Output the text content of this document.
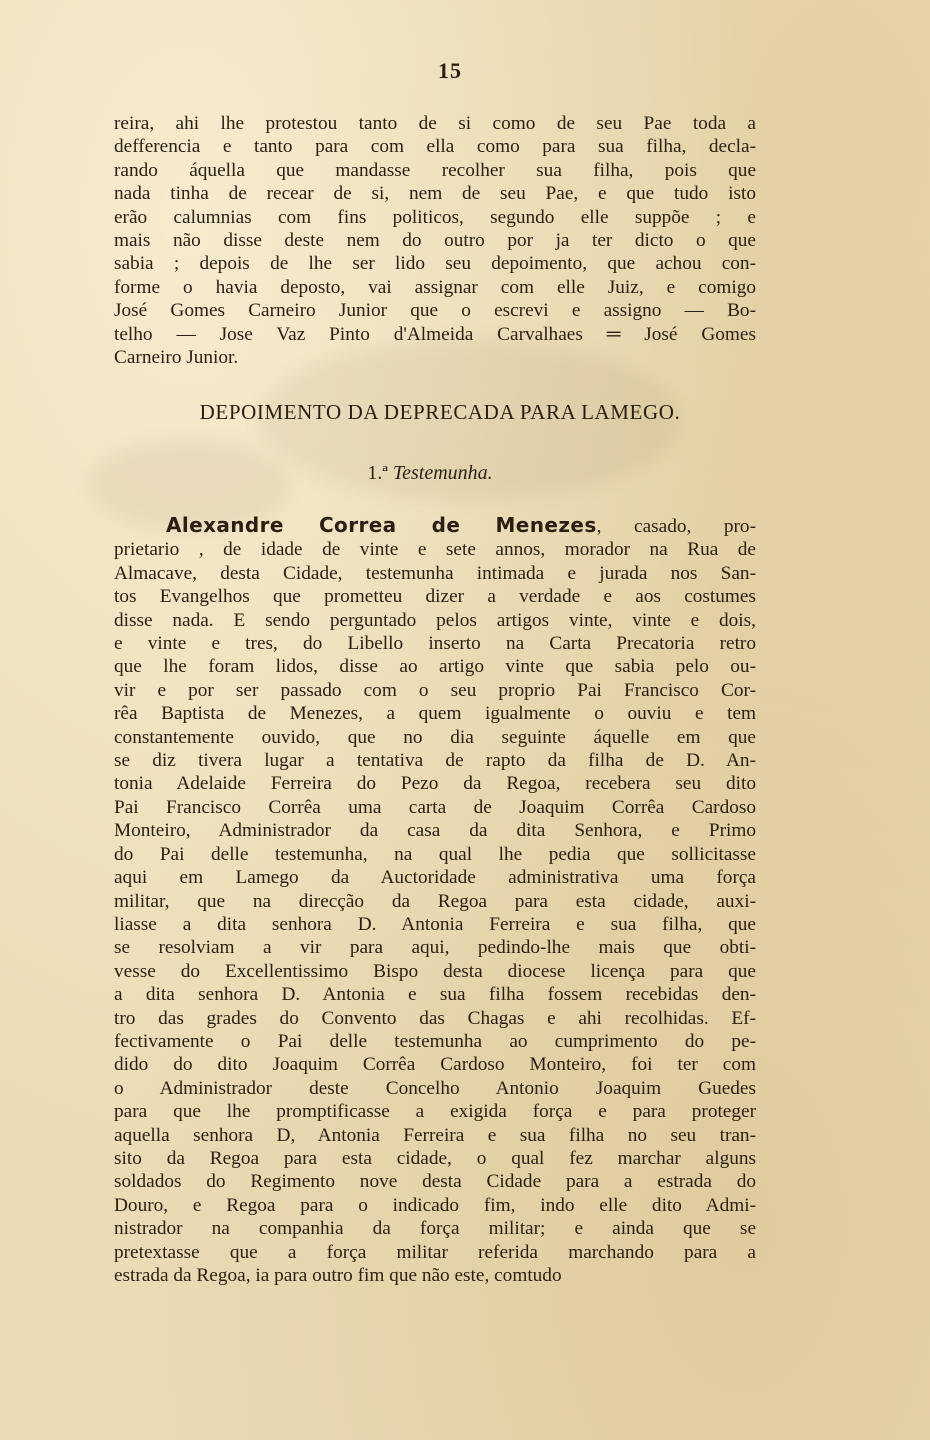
15
reira, ahi lhe protestou tanto de si como de seu Pae toda a
defferencia e tanto para com ella como para sua filha, decla-
rando áquella que mandasse recolher sua filha, pois que
nada tinha de recear de si, nem de seu Pae, e que tudo isto
erão calumnias com fins politicos, segundo elle suppõe ; e
mais não disse deste nem do outro por ja ter dicto o que
sabia ; depois de lhe ser lido seu depoimento, que achou con-
forme o havia deposto, vai assignar com elle Juiz, e comigo
José Gomes Carneiro Junior que o escrevi e assigno — Bo-
telho — Jose Vaz Pinto d'Almeida Carvalhaes ═ José Gomes
Carneiro Junior.
DEPOIMENTO DA DEPRECADA PARA LAMEGO.
1.ª Testemunha.
Alexandre Correa de Menezes, casado, pro-
prietario , de idade de vinte e sete annos, morador na Rua de
Almacave, desta Cidade, testemunha intimada e jurada nos San-
tos Evangelhos que prometteu dizer a verdade e aos costumes
disse nada. E sendo perguntado pelos artigos vinte, vinte e dois,
e vinte e tres, do Libello inserto na Carta Precatoria retro
que lhe foram lidos, disse ao artigo vinte que sabia pelo ou-
vir e por ser passado com o seu proprio Pai Francisco Cor-
rêa Baptista de Menezes, a quem igualmente o ouviu e tem
constantemente ouvido, que no dia seguinte áquelle em que
se diz tivera lugar a tentativa de rapto da filha de D. An-
tonia Adelaide Ferreira do Pezo da Regoa, recebera seu dito
Pai Francisco Corrêa uma carta de Joaquim Corrêa Cardoso
Monteiro, Administrador da casa da dita Senhora, e Primo
do Pai delle testemunha, na qual lhe pedia que sollicitasse
aqui em Lamego da Auctoridade administrativa uma força
militar, que na direcção da Regoa para esta cidade, auxi-
liasse a dita senhora D. Antonia Ferreira e sua filha, que
se resolviam a vir para aqui, pedindo-lhe mais que obti-
vesse do Excellentissimo Bispo desta diocese licença para que
a dita senhora D. Antonia e sua filha fossem recebidas den-
tro das grades do Convento das Chagas e ahi recolhidas. Ef-
fectivamente o Pai delle testemunha ao cumprimento do pe-
dido do dito Joaquim Corrêa Cardoso Monteiro, foi ter com
o Administrador deste Concelho Antonio Joaquim Guedes
para que lhe promptificasse a exigida força e para proteger
aquella senhora D, Antonia Ferreira e sua filha no seu tran-
sito da Regoa para esta cidade, o qual fez marchar alguns
soldados do Regimento nove desta Cidade para a estrada do
Douro, e Regoa para o indicado fim, indo elle dito Admi-
nistrador na companhia da força militar; e ainda que se
pretextasse que a força militar referida marchando para a
estrada da Regoa, ia para outro fim que não este, comtudo
